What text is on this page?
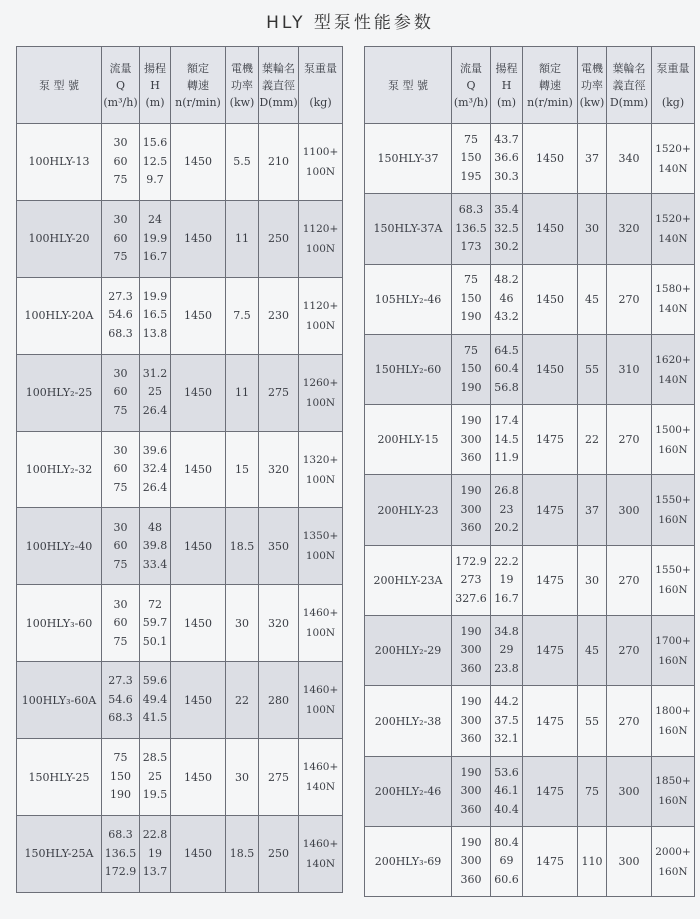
HLY 型泵性能参数
泵 型 號	流量
Q
(m³/h)	揚程
H
(m)	額定
轉速
n(r/min)	電機
功率
(kw)	葉輪名
義直徑
D(mm)	泵重量

(kg)

100HLY-13	30
60
75	15.6
12.5
9.7	1450	5.5	210	1100+
100N

100HLY-20	30
60
75	24
19.9
16.7	1450	11	250	1120+
100N

100HLY-20A	27.3
54.6
68.3	19.9
16.5
13.8	1450	7.5	230	1120+
100N

100HLY₂-25	30
60
75	31.2
25
26.4	1450	11	275	1260+
100N

100HLY₂-32	30
60
75	39.6
32.4
26.4	1450	15	320	1320+
100N

100HLY₂-40	30
60
75	48
39.8
33.4	1450	18.5	350	1350+
100N

100HLY₃-60	30
60
75	72
59.7
50.1	1450	30	320	1460+
100N

100HLY₃-60A	27.3
54.6
68.3	59.6
49.4
41.5	1450	22	280	1460+
100N

150HLY-25	75
150
190	28.5
25
19.5	1450	30	275	1460+
140N

150HLY-25A	68.3
136.5
172.9	22.8
19
13.7	1450	18.5	250	1460+
140N
泵 型 號	流量
Q
(m³/h)	揚程
H
(m)	額定
轉速
n(r/min)	電機
功率
(kw)	葉輪名
義直徑
D(mm)	泵重量

(kg)

150HLY-37	75
150
195	43.7
36.6
30.3	1450	37	340	1520+
140N

150HLY-37A	68.3
136.5
173	35.4
32.5
30.2	1450	30	320	1520+
140N

105HLY₂-46	75
150
190	48.2
46
43.2	1450	45	270	1580+
140N

150HLY₂-60	75
150
190	64.5
60.4
56.8	1450	55	310	1620+
140N

200HLY-15	190
300
360	17.4
14.5
11.9	1475	22	270	1500+
160N

200HLY-23	190
300
360	26.8
23
20.2	1475	37	300	1550+
160N

200HLY-23A	172.9
273
327.6	22.2
19
16.7	1475	30	270	1550+
160N

200HLY₂-29	190
300
360	34.8
29
23.8	1475	45	270	1700+
160N

200HLY₂-38	190
300
360	44.2
37.5
32.1	1475	55	270	1800+
160N

200HLY₂-46	190
300
360	53.6
46.1
40.4	1475	75	300	1850+
160N

200HLY₃-69	190
300
360	80.4
69
60.6	1475	110	300	2000+
160N
